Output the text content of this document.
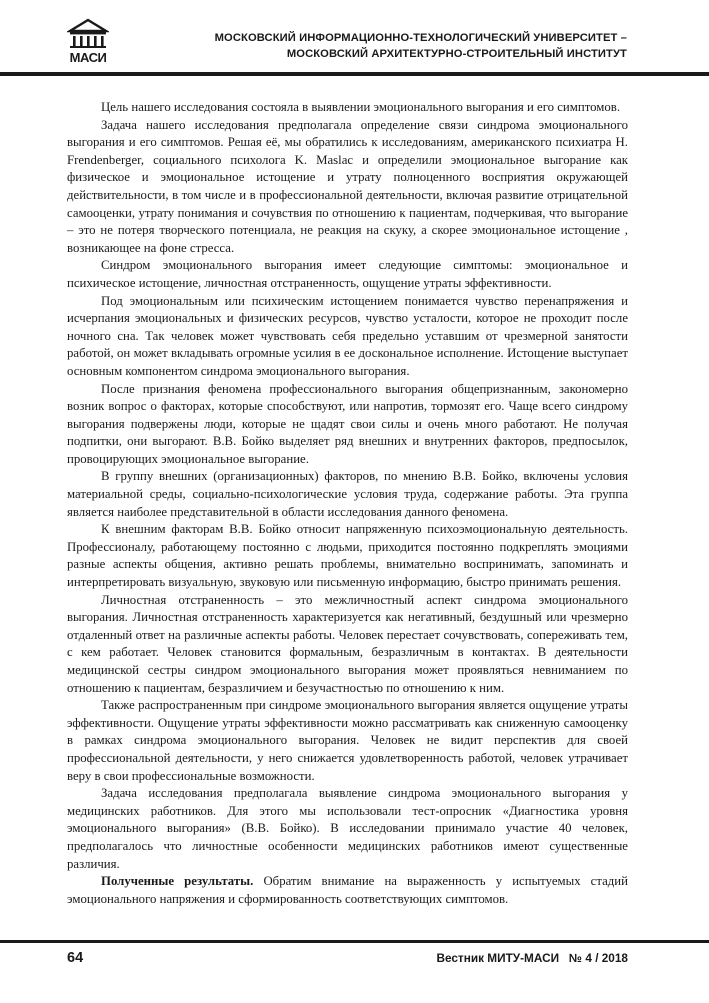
МАСИ
МОСКОВСКИЙ ИНФОРМАЦИОННО-ТЕХНОЛОГИЧЕСКИЙ УНИВЕРСИТЕТ –
МОСКОВСКИЙ АРХИТЕКТУРНО-СТРОИТЕЛЬНЫЙ ИНСТИТУТ

Цель нашего исследования состояла в выявлении эмоционального выгорания и его симптомов.

Задача нашего исследования предполагала определение связи синдрома эмоционального выгорания и его симптомов. Решая её, мы обратились к исследованиям, американского психиатра H. Frendenberger, социального психолога K. Maslac и определили эмоциональное выгорание как физическое и эмоциональное истощение и утрату полноценного восприятия окружающей действительности, в том числе и в профессиональной деятельности, включая развитие отрицательной самооценки, утрату понимания и сочувствия по отношению к пациентам, подчеркивая, что выгорание – это не потеря творческого потенциала, не реакция на скуку, а скорее эмоциональное истощение , возникающее на фоне стресса.

Синдром эмоционального выгорания имеет следующие симптомы: эмоциональное и психическое истощение, личностная отстраненность, ощущение утраты эффективности.

Под эмоциональным или психическим истощением понимается чувство перенапряжения и исчерпания эмоциональных и физических ресурсов, чувство усталости, которое не проходит после ночного сна. Так человек может чувствовать себя предельно уставшим от чрезмерной занятости работой, он может вкладывать огромные усилия в ее доскональное исполнение. Истощение выступает основным компонентом синдрома эмоционального выгорания.

После признания феномена профессионального выгорания общепризнанным, закономерно возник вопрос о факторах, которые способствуют, или напротив, тормозят его. Чаще всего синдрому выгорания подвержены люди, которые не щадят свои силы и очень много работают. Не получая подпитки, они выгорают. В.В. Бойко выделяет ряд внешних и внутренних факторов, предпосылок, провоцирующих эмоциональное выгорание.

В группу внешних (организационных) факторов, по мнению В.В. Бойко, включены условия материальной среды, социально-психологические условия труда, содержание работы. Эта группа является наиболее представительной в области исследования данного феномена.

К внешним факторам В.В. Бойко относит напряженную психоэмоциональную деятельность. Профессионалу, работающему постоянно с людьми, приходится постоянно подкреплять эмоциями разные аспекты общения, активно решать проблемы, внимательно воспринимать, запоминать и интерпретировать визуальную, звуковую или письменную информацию, быстро принимать решения.

Личностная отстраненность – это межличностный аспект синдрома эмоционального выгорания. Личностная отстраненность характеризуется как негативный, бездушный или чрезмерно отдаленный ответ на различные аспекты работы. Человек перестает сочувствовать, сопереживать тем, с кем работает. Человек становится формальным, безразличным в контактах. В деятельности медицинской сестры синдром эмоционального выгорания может проявляться невниманием по отношению к пациентам, безразличием и безучастностью по отношению к ним.

Также распространенным при синдроме эмоционального выгорания является ощущение утраты эффективности. Ощущение утраты эффективности можно рассматривать как сниженную самооценку в рамках синдрома эмоционального выгорания. Человек не видит перспектив для своей профессиональной деятельности, у него снижается удовлетворенность работой, человек утрачивает веру в свои профессиональные возможности.

Задача исследования предполагала выявление синдрома эмоционального выгорания у медицинских работников. Для этого мы использовали тест-опросник «Диагностика уровня эмоционального выгорания» (В.В. Бойко). В исследовании принимало участие 40 человек, предполагалось что личностные особенности медицинских работников имеют существенные различия.

Полученные результаты. Обратим внимание на выраженность у испытуемых стадий эмоционального напряжения и сформированность соответствующих симптомов.

64	Вестник МИТУ-МАСИ   № 4 / 2018
